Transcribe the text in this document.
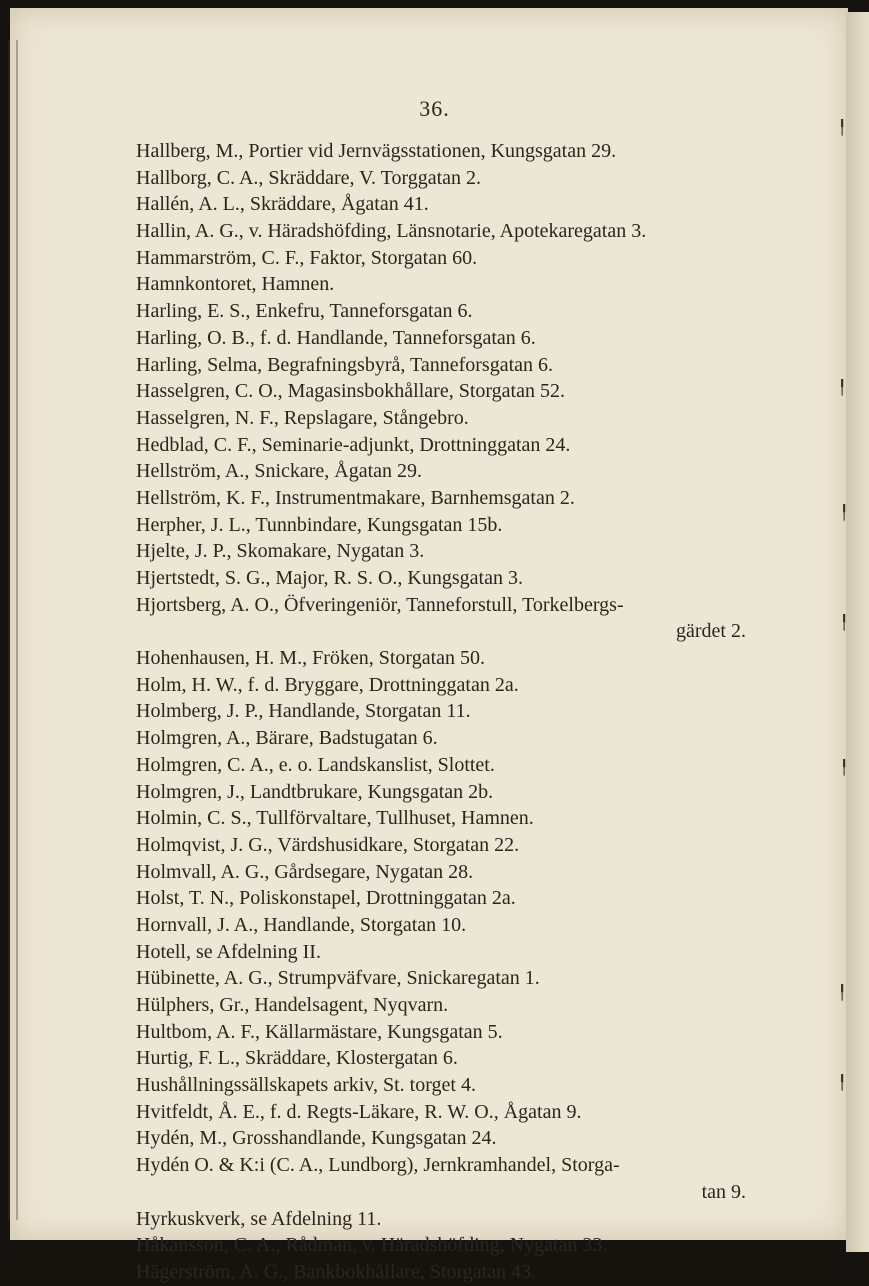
36.
Hallberg, M., Portier vid Jernvägsstationen, Kungsgatan 29.
Hallborg, C. A., Skräddare, V. Torggatan 2.
Hallén, A. L., Skräddare, Ågatan 41.
Hallin, A. G., v. Häradshöfding, Länsnotarie, Apotekaregatan 3.
Hammarström, C. F., Faktor, Storgatan 60.
Hamnkontoret, Hamnen.
Harling, E. S., Enkefru, Tanneforsgatan 6.
Harling, O. B., f. d. Handlande, Tanneforsgatan 6.
Harling, Selma, Begrafningsbyrå, Tanneforsgatan 6.
Hasselgren, C. O., Magasinsbokhållare, Storgatan 52.
Hasselgren, N. F., Repslagare, Stångebro.
Hedblad, C. F., Seminarie-adjunkt, Drottninggatan 24.
Hellström, A., Snickare, Ågatan 29.
Hellström, K. F., Instrumentmakare, Barnhemsgatan 2.
Herpher, J. L., Tunnbindare, Kungsgatan 15b.
Hjelte, J. P., Skomakare, Nygatan 3.
Hjertstedt, S. G., Major, R. S. O., Kungsgatan 3.
Hjortsberg, A. O., Öfveringeniör, Tanneforstull, Torkelbergs-
gärdet 2.
Hohenhausen, H. M., Fröken, Storgatan 50.
Holm, H. W., f. d. Bryggare, Drottninggatan 2a.
Holmberg, J. P., Handlande, Storgatan 11.
Holmgren, A., Bärare, Badstugatan 6.
Holmgren, C. A., e. o. Landskanslist, Slottet.
Holmgren, J., Landtbrukare, Kungsgatan 2b.
Holmin, C. S., Tullförvaltare, Tullhuset, Hamnen.
Holmqvist, J. G., Värdshusidkare, Storgatan 22.
Holmvall, A. G., Gårdsegare, Nygatan 28.
Holst, T. N., Poliskonstapel, Drottninggatan 2a.
Hornvall, J. A., Handlande, Storgatan 10.
Hotell, se Afdelning II.
Hübinette, A. G., Strumpväfvare, Snickaregatan 1.
Hülphers, Gr., Handelsagent, Nyqvarn.
Hultbom, A. F., Källarmästare, Kungsgatan 5.
Hurtig, F. L., Skräddare, Klostergatan 6.
Hushållningssällskapets arkiv, St. torget 4.
Hvitfeldt, Å. E., f. d. Regts-Läkare, R. W. O., Ågatan 9.
Hydén, M., Grosshandlande, Kungsgatan 24.
Hydén O. & K:i (C. A., Lundborg), Jernkramhandel, Storga-
tan 9.
Hyrkuskverk, se Afdelning 11.
Håkansson, C. A., Rådman, v. Häradshöfding, Nygatan 33.
Hägerström, A. G., Bankbokhållare, Storgatan 43.
╿
╿
╿
╿
╿
╿
╿
